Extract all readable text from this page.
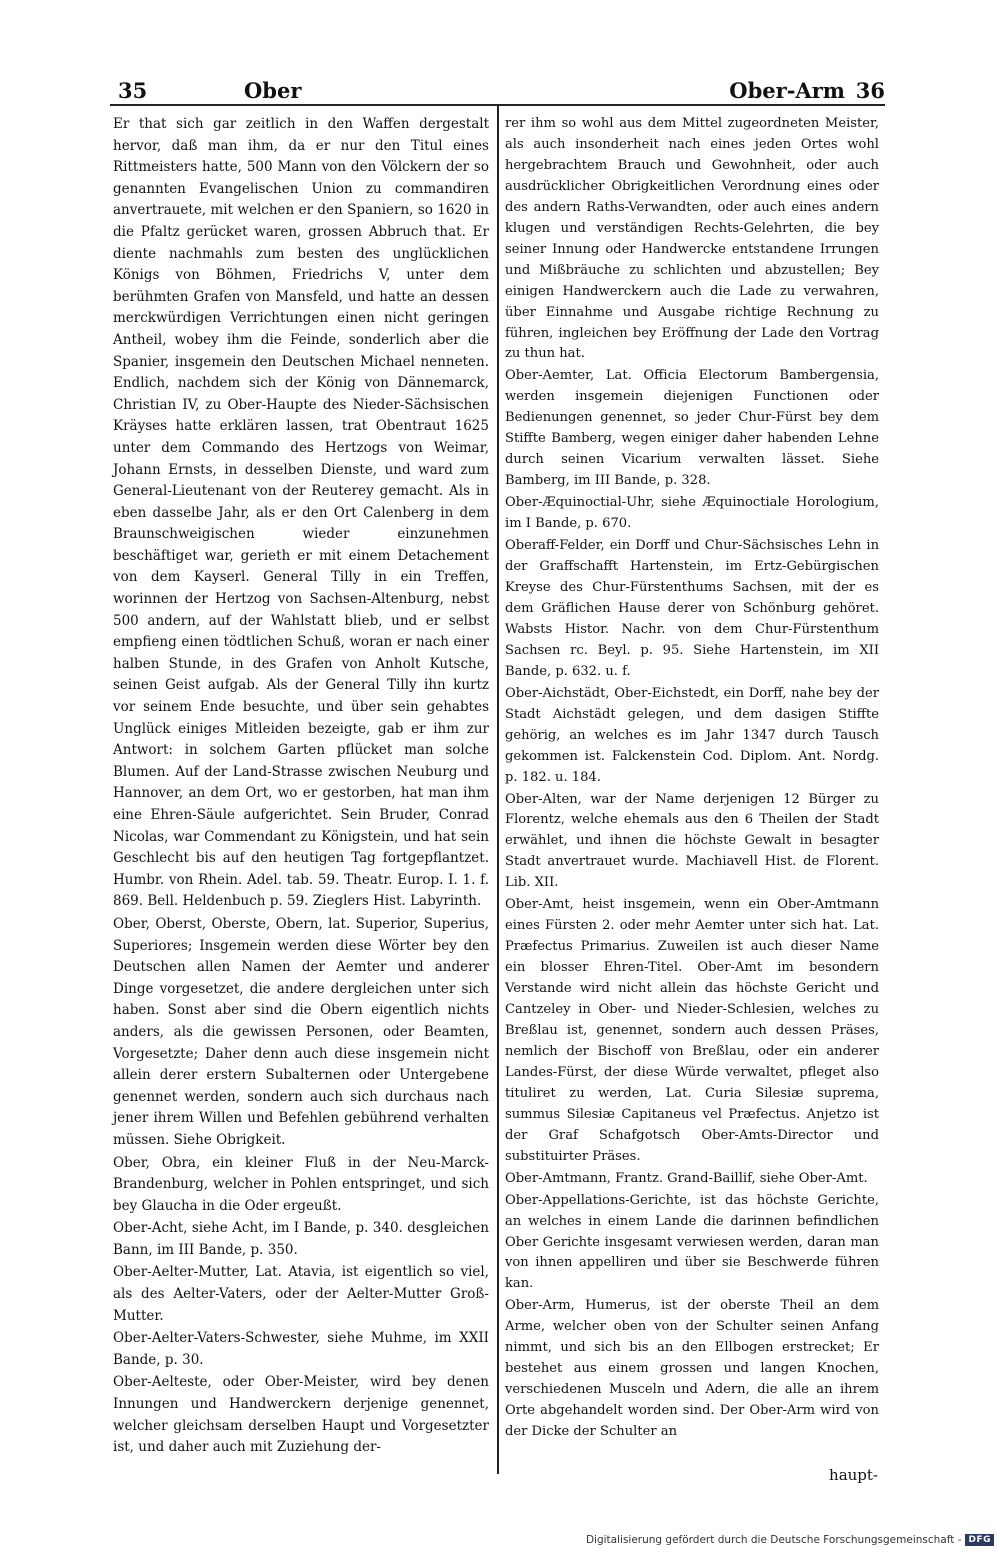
35	Ober	Ober-Arm 36

Er that sich gar zeitlich in den Waffen dergestalt hervor, daß man ihm, da er nur den Titul eines Rittmeisters hatte, 500 Mann von den Völckern der so genannten Evangelischen Union zu commandiren anvertrauete, mit welchen er den Spaniern, so 1620 in die Pfaltz gerücket waren, grossen Abbruch that. Er diente nachmahls zum besten des unglücklichen Königs von Böhmen, Friedrichs V, unter dem berühmten Grafen von Mansfeld, und hatte an dessen merckwürdigen Verrichtungen einen nicht geringen Antheil, wobey ihm die Feinde, sonderlich aber die Spanier, insgemein den Deutschen Michael nenneten. Endlich, nachdem sich der König von Dännemarck, Christian IV, zu Ober-Haupte des Nieder-Sächsischen Kräyses hatte erklären lassen, trat Obentraut 1625 unter dem Commando des Hertzogs von Weimar, Johann Ernsts, in desselben Dienste, und ward zum General-Lieutenant von der Reuterey gemacht. Als in eben dasselbe Jahr, als er den Ort Calenberg in dem Braunschweigischen wieder einzunehmen beschäftiget war, gerieth er mit einem Detachement von dem Kayserl. General Tilly in ein Treffen, worinnen der Hertzog von Sachsen-Altenburg, nebst 500 andern, auf der Wahlstatt blieb, und er selbst empfieng einen tödtlichen Schuß, woran er nach einer halben Stunde, in des Grafen von Anholt Kutsche, seinen Geist aufgab. Als der General Tilly ihn kurtz vor seinem Ende besuchte, und über sein gehabtes Unglück einiges Mitleiden bezeigte, gab er ihm zur Antwort: in solchem Garten pflücket man solche Blumen. Auf der Land-Strasse zwischen Neuburg und Hannover, an dem Ort, wo er gestorben, hat man ihm eine Ehren-Säule aufgerichtet. Sein Bruder, Conrad Nicolas, war Commendant zu Königstein, und hat sein Geschlecht bis auf den heutigen Tag fortgepflantzet. Humbr. von Rhein. Adel. tab. 59. Theatr. Europ. I. 1. f. 869. Bell. Heldenbuch p. 59. Zieglers Hist. Labyrinth.

Ober, Oberst, Oberste, Obern, lat. Superior, Superius, Superiores; Insgemein werden diese Wörter bey den Deutschen allen Namen der Aemter und anderer Dinge vorgesetzet, die andere dergleichen unter sich haben. Sonst aber sind die Obern eigentlich nichts anders, als die gewissen Personen, oder Beamten, Vorgesetzte; Daher denn auch diese insgemein nicht allein derer erstern Subalternen oder Untergebene genennet werden, sondern auch sich durchaus nach jener ihrem Willen und Befehlen gebührend verhalten müssen. Siehe Obrigkeit.

Ober, Obra, ein kleiner Fluß in der Neu-Marck-Brandenburg, welcher in Pohlen entspringet, und sich bey Glaucha in die Oder ergeußt.

Ober-Acht, siehe Acht, im I Bande, p. 340. desgleichen Bann, im III Bande, p. 350.

Ober-Aelter-Mutter, Lat. Atavia, ist eigentlich so viel, als des Aelter-Vaters, oder der Aelter-Mutter Groß-Mutter.

Ober-Aelter-Vaters-Schwester, siehe Muhme, im XXII Bande, p. 30.

Ober-Aelteste, oder Ober-Meister, wird bey denen Innungen und Handwerckern derjenige genennet, welcher gleichsam derselben Haupt und Vorgesetzter ist, und daher auch mit Zuziehung der-

rer ihm so wohl aus dem Mittel zugeordneten Meister, als auch insonderheit nach eines jeden Ortes wohl hergebrachtem Brauch und Gewohnheit, oder auch ausdrücklicher Obrigkeitlichen Verordnung eines oder des andern Raths-Verwandten, oder auch eines andern klugen und verständigen Rechts-Gelehrten, die bey seiner Innung oder Handwercke entstandene Irrungen und Mißbräuche zu schlichten und abzustellen; Bey einigen Handwerckern auch die Lade zu verwahren, über Einnahme und Ausgabe richtige Rechnung zu führen, ingleichen bey Eröffnung der Lade den Vortrag zu thun hat.

Ober-Aemter, Lat. Officia Electorum Bambergensia, werden insgemein diejenigen Functionen oder Bedienungen genennet, so jeder Chur-Fürst bey dem Stiffte Bamberg, wegen einiger daher habenden Lehne durch seinen Vicarium verwalten lässet. Siehe Bamberg, im III Bande, p. 328.

Ober-Æquinoctial-Uhr, siehe Æquinoctiale Horologium, im I Bande, p. 670.

Oberaff-Felder, ein Dorff und Chur-Sächsisches Lehn in der Graffschafft Hartenstein, im Ertz-Gebürgischen Kreyse des Chur-Fürstenthums Sachsen, mit der es dem Gräflichen Hause derer von Schönburg gehöret. Wabsts Histor. Nachr. von dem Chur-Fürstenthum Sachsen rc. Beyl. p. 95. Siehe Hartenstein, im XII Bande, p. 632. u. f.

Ober-Aichstädt, Ober-Eichstedt, ein Dorff, nahe bey der Stadt Aichstädt gelegen, und dem dasigen Stiffte gehörig, an welches es im Jahr 1347 durch Tausch gekommen ist. Falckenstein Cod. Diplom. Ant. Nordg. p. 182. u. 184.

Ober-Alten, war der Name derjenigen 12 Bürger zu Florentz, welche ehemals aus den 6 Theilen der Stadt erwählet, und ihnen die höchste Gewalt in besagter Stadt anvertrauet wurde. Machiavell Hist. de Florent. Lib. XII.

Ober-Amt, heist insgemein, wenn ein Ober-Amtmann eines Fürsten 2. oder mehr Aemter unter sich hat. Lat. Præfectus Primarius. Zuweilen ist auch dieser Name ein blosser Ehren-Titel. Ober-Amt im besondern Verstande wird nicht allein das höchste Gericht und Cantzeley in Ober- und Nieder-Schlesien, welches zu Breßlau ist, genennet, sondern auch dessen Präses, nemlich der Bischoff von Breßlau, oder ein anderer Landes-Fürst, der diese Würde verwaltet, pfleget also tituliret zu werden, Lat. Curia Silesiæ suprema, summus Silesiæ Capitaneus vel Præfectus. Anjetzo ist der Graf Schafgotsch Ober-Amts-Director und substituirter Präses.

Ober-Amtmann, Frantz. Grand-Baillif, siehe Ober-Amt.

Ober-Appellations-Gerichte, ist das höchste Gerichte, an welches in einem Lande die darinnen befindlichen Ober Gerichte insgesamt verwiesen werden, daran man von ihnen appelliren und über sie Beschwerde führen kan.

Ober-Arm, Humerus, ist der oberste Theil an dem Arme, welcher oben von der Schulter seinen Anfang nimmt, und sich bis an den Ellbogen erstrecket; Er bestehet aus einem grossen und langen Knochen, verschiedenen Musceln und Adern, die alle an ihrem Orte abgehandelt worden sind. Der Ober-Arm wird von der Dicke der Schulter an

haupt-
Digitalisierung gefördert durch die Deutsche Forschungsgemeinschaft - DFG
